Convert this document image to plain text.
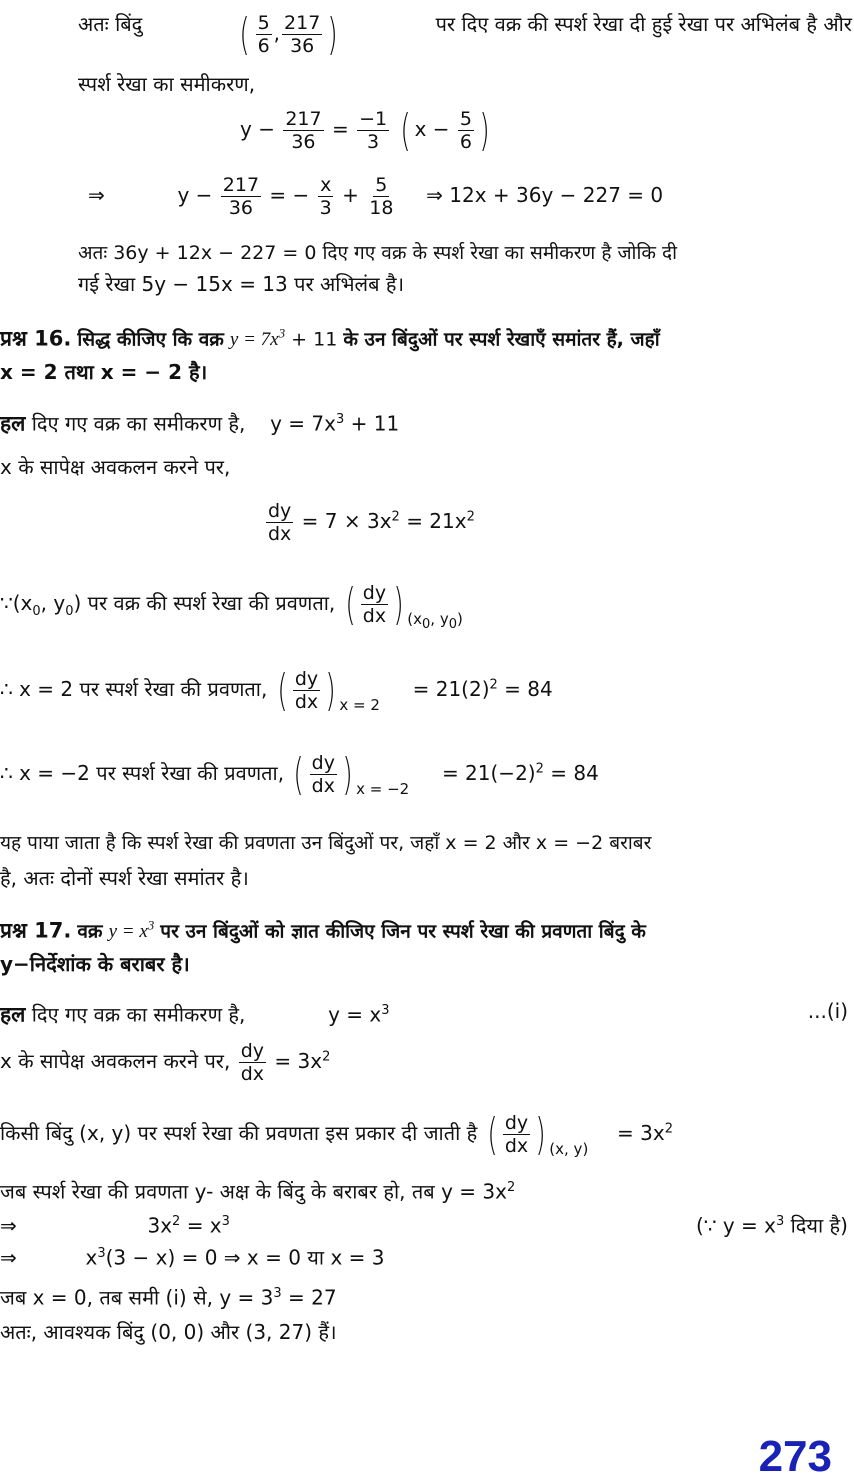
अतः बिंदु ( $\frac{5}{6}$ , $\frac{217}{36}$ )	पर दिए वक्र की स्पर्श रेखा दी हुई रेखा पर अभिलंब है और
स्पर्श रेखा का समीकरण,
$y - \frac{217}{36} = \frac{-1}{3}$ ( $x - \frac{5}{6}$ )
⇒	$y - \frac{217}{36}$ = − $\frac{x}{3} + \frac{5}{18}$ ⇒ 12x + 36y − 227 = 0
अतः 36y + 12x − 227 = 0 दिए गए वक्र के स्पर्श रेखा का समीकरण है जोकि दी
गई रेखा 5y − 15x = 13 पर अभिलंब है।
प्रश्न 16. सिद्ध कीजिए कि वक्र $y = 7x^3 + 11$ के उन बिंदुओं पर स्पर्श रेखाएँ समांतर हैं, जहाँ
x = 2 तथा x = − 2 है।
हल दिए गए वक्र का समीकरण है, $y = 7x^3 + 11$
x के सापेक्ष अवकलन करने पर,
$\frac{dy}{dx} = 7 \times 3x^2 = 21x^2$
$\because(x_0$, $y_0$) पर वक्र की स्पर्श रेखा की प्रवणता, ( $\frac{dy}{dx}$ ) $_{(x_0, y_0)}$
∴ x = 2 पर स्पर्श रेखा की प्रवणता, ( $\frac{dy}{dx}$ ) $_{x = 2} = 21(2)^2 = 84$
∴ x = −2 पर स्पर्श रेखा की प्रवणता, ( $\frac{dy}{dx}$ ) $_{x = -2} = 21(-2)^2 = 84$
यह पाया जाता है कि स्पर्श रेखा की प्रवणता उन बिंदुओं पर, जहाँ x = 2 और x = −2 बराबर
है, अतः दोनों स्पर्श रेखा समांतर है।
प्रश्न 17. वक्र $y = x^3$ पर उन बिंदुओं को ज्ञात कीजिए जिन पर स्पर्श रेखा की प्रवणता बिंदु के
y−निर्देशांक के बराबर है।
हल दिए गए वक्र का समीकरण है,	$y = x^3$	...(i)
x के सापेक्ष अवकलन करने पर, $\frac{dy}{dx} = 3x^2$
किसी बिंदु (x, y) पर स्पर्श रेखा की प्रवणता इस प्रकार दी जाती है ( $\frac{dy}{dx}$ ) $_{(x, y)} = 3x^2$
जब स्पर्श रेखा की प्रवणता y- अक्ष के बिंदु के बराबर हो, तब $y = 3x^2$
⇒	$3x^2 = x^3$	(∵ $y = x^3$ दिया है)
⇒	$x^3(3 - x) = 0$ ⇒ x = 0 या x = 3
जब x = 0, तब समी (i) से, $y = 3^3 = 27$
अतः, आवश्यक बिंदु (0, 0) और (3, 27) हैं।
273
